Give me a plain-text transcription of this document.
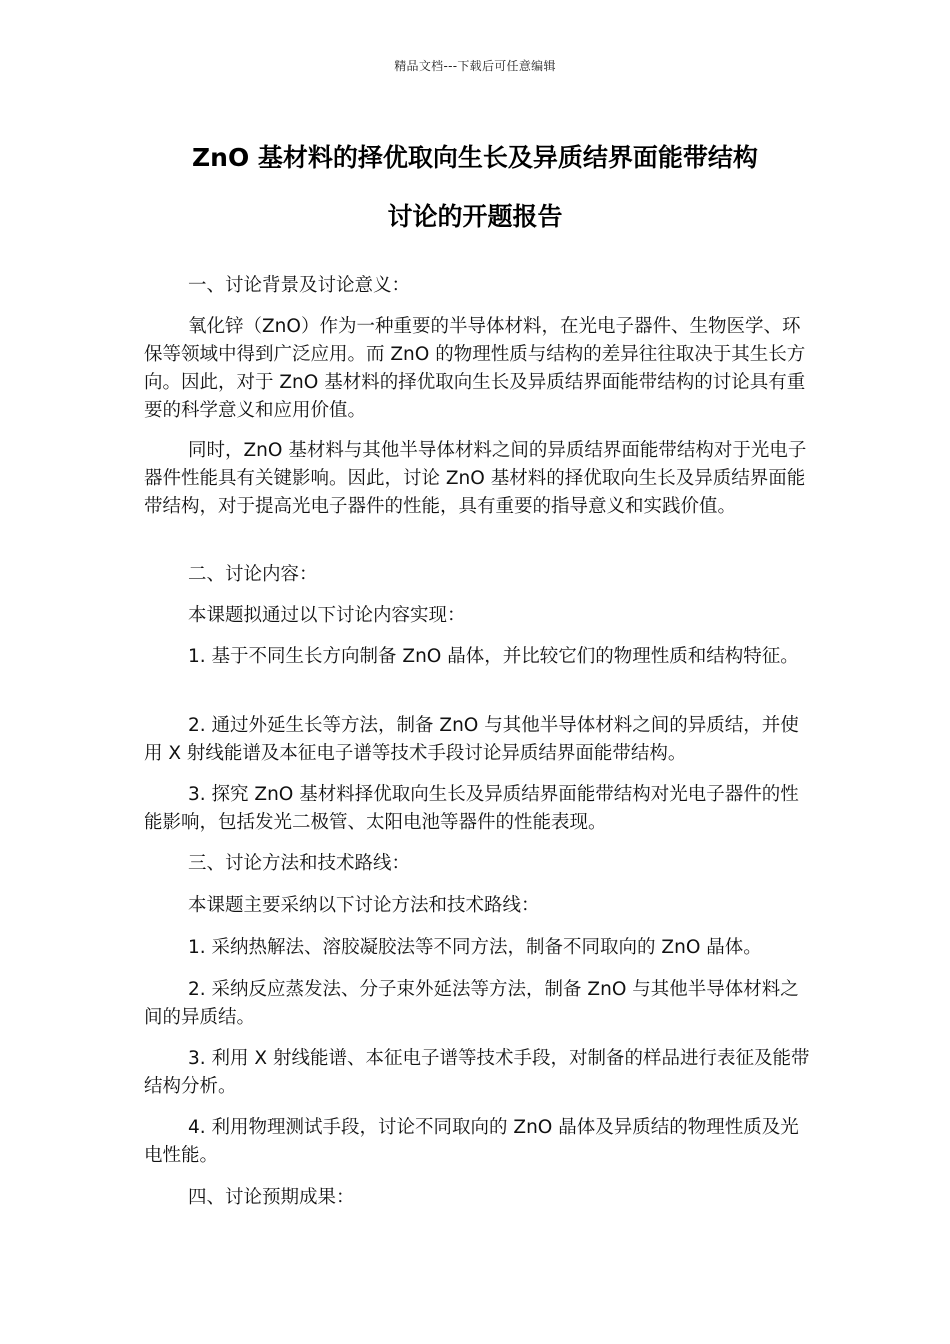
精品文档---下载后可任意编辑
ZnO 基材料的择优取向生长及异质结界面能带结构
讨论的开题报告

一、讨论背景及讨论意义：

氧化锌（ZnO）作为一种重要的半导体材料，在光电子器件、生物医学、环保等领域中得到广泛应用。而 ZnO 的物理性质与结构的差异往往取决于其生长方向。因此，对于 ZnO 基材料的择优取向生长及异质结界面能带结构的讨论具有重要的科学意义和应用价值。

同时，ZnO 基材料与其他半导体材料之间的异质结界面能带结构对于光电子器件性能具有关键影响。因此，讨论 ZnO 基材料的择优取向生长及异质结界面能带结构，对于提高光电子器件的性能，具有重要的指导意义和实践价值。

二、讨论内容：

本课题拟通过以下讨论内容实现：

1. 基于不同生长方向制备 ZnO 晶体，并比较它们的物理性质和结构特征。

2. 通过外延生长等方法，制备 ZnO 与其他半导体材料之间的异质结，并使用 X 射线能谱及本征电子谱等技术手段讨论异质结界面能带结构。

3. 探究 ZnO 基材料择优取向生长及异质结界面能带结构对光电子器件的性能影响，包括发光二极管、太阳电池等器件的性能表现。

三、讨论方法和技术路线：

本课题主要采纳以下讨论方法和技术路线：

1. 采纳热解法、溶胶凝胶法等不同方法，制备不同取向的 ZnO 晶体。

2. 采纳反应蒸发法、分子束外延法等方法，制备 ZnO 与其他半导体材料之间的异质结。

3. 利用 X 射线能谱、本征电子谱等技术手段，对制备的样品进行表征及能带结构分析。

4. 利用物理测试手段，讨论不同取向的 ZnO 晶体及异质结的物理性质及光电性能。

四、讨论预期成果：
